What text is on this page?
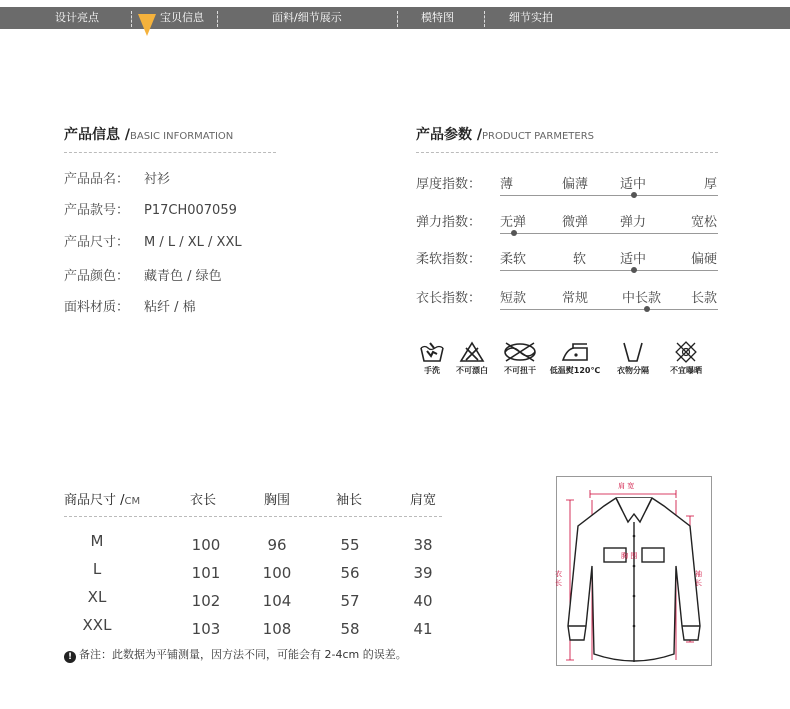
设计亮点	宝贝信息	面料/细节展示	模特图	细节实拍
产品信息 /BASIC INFORMATION
产品品名： 衬衫
产品款号： P17CH007059
产品尺寸： M / L / XL / XXL
产品颜色： 藏青色 / 绿色
面料材质： 粘纤 / 棉
产品参数 /PRODUCT PARMETERS
厚度指数： 薄	偏薄 适中	厚
弹力指数： 无弹	微弹 弹力	宽松
柔软指数： 柔软	软	适中	偏硬
衣长指数： 短款	常规	中长款 长款
手洗	不可漂白	不可扭干	低温熨120℃	衣物分隔	不宜曝晒
商品尺寸 /CM	衣长	胸围	袖长	肩宽
M	100	96	55	38
L	101	100	56	39
XL	102	104	57	40
XXL	103	108	58	41
! 备注：此数据为平铺测量，因方法不同，可能会有 2-4cm 的误差。
肩 宽
胸 围
衣 长
袖 长
